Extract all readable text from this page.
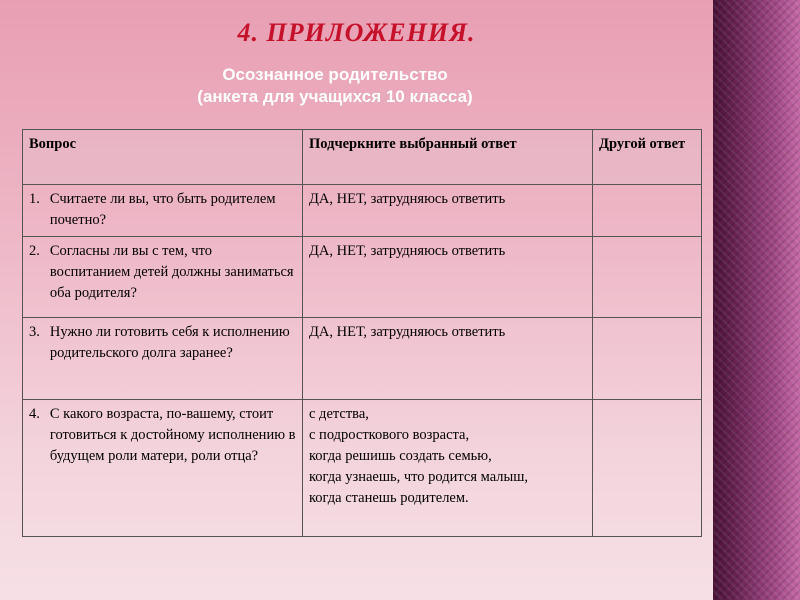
4. ПРИЛОЖЕНИЯ.
Осознанное родительство
(анкета для учащихся 10 класса)
Вопрос	Подчеркните выбранный ответ	Другой ответ

1. Считаете ли вы, что быть родителем почетно?	ДА, НЕТ, затрудняюсь ответить	

2. Согласны ли вы с тем, что воспитанием детей должны заниматься оба родителя?	ДА, НЕТ, затрудняюсь ответить	

3. Нужно ли готовить себя к исполнению родительского долга заранее?	ДА, НЕТ, затрудняюсь ответить	

4. С какого возраста, по-вашему, стоит готовиться к достойному исполнению в будущем роли матери, роли отца?	с детства,
с подросткового возраста,
когда решишь создать семью,
когда узнаешь, что родится малыш,
когда станешь родителем.	
